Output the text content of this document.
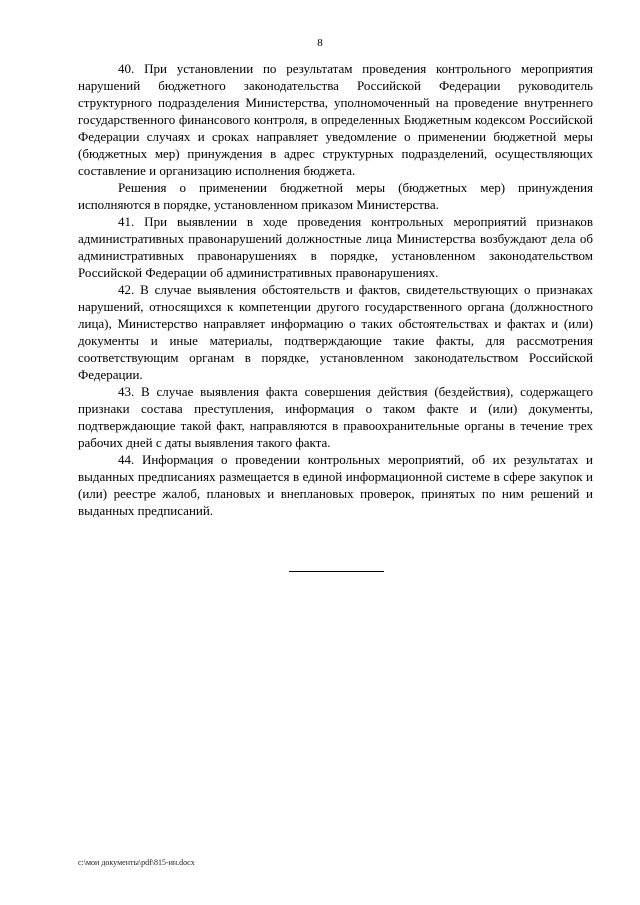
8

40. При установлении по результатам проведения контрольного мероприятия нарушений бюджетного законодательства Российской Федерации руководитель структурного подразделения Министерства, уполномоченный на проведение внутреннего государственного финансового контроля, в определенных Бюджетным кодексом Российской Федерации случаях и сроках направляет уведомление о применении бюджетной меры (бюджетных мер) принуждения в адрес структурных подразделений, осуществляющих составление и организацию исполнения бюджета.

Решения о применении бюджетной меры (бюджетных мер) принуждения исполняются в порядке, установленном приказом Министерства.

41. При выявлении в ходе проведения контрольных мероприятий признаков административных правонарушений должностные лица Министерства возбуждают дела об административных правонарушениях в порядке, установленном законодательством Российской Федерации об административных правонарушениях.

42. В случае выявления обстоятельств и фактов, свидетельствующих о признаках нарушений, относящихся к компетенции другого государственного органа (должностного лица), Министерство направляет информацию о таких обстоятельствах и фактах и (или) документы и иные материалы, подтверждающие такие факты, для рассмотрения соответствующим органам в порядке, установленном законодательством Российской Федерации.

43. В случае выявления факта совершения действия (бездействия), содержащего признаки состава преступления, информация о таком факте и (или) документы, подтверждающие такой факт, направляются в правоохранительные органы в течение трех рабочих дней с даты выявления такого факта.

44. Информация о проведении контрольных мероприятий, об их результатах и выданных предписаниях размещается в единой информационной системе в сфере закупок и (или) реестре жалоб, плановых и внеплановых проверок, принятых по ним решений и выданных предписаний.

c:\мои документы\pdf\815-ин.docx
